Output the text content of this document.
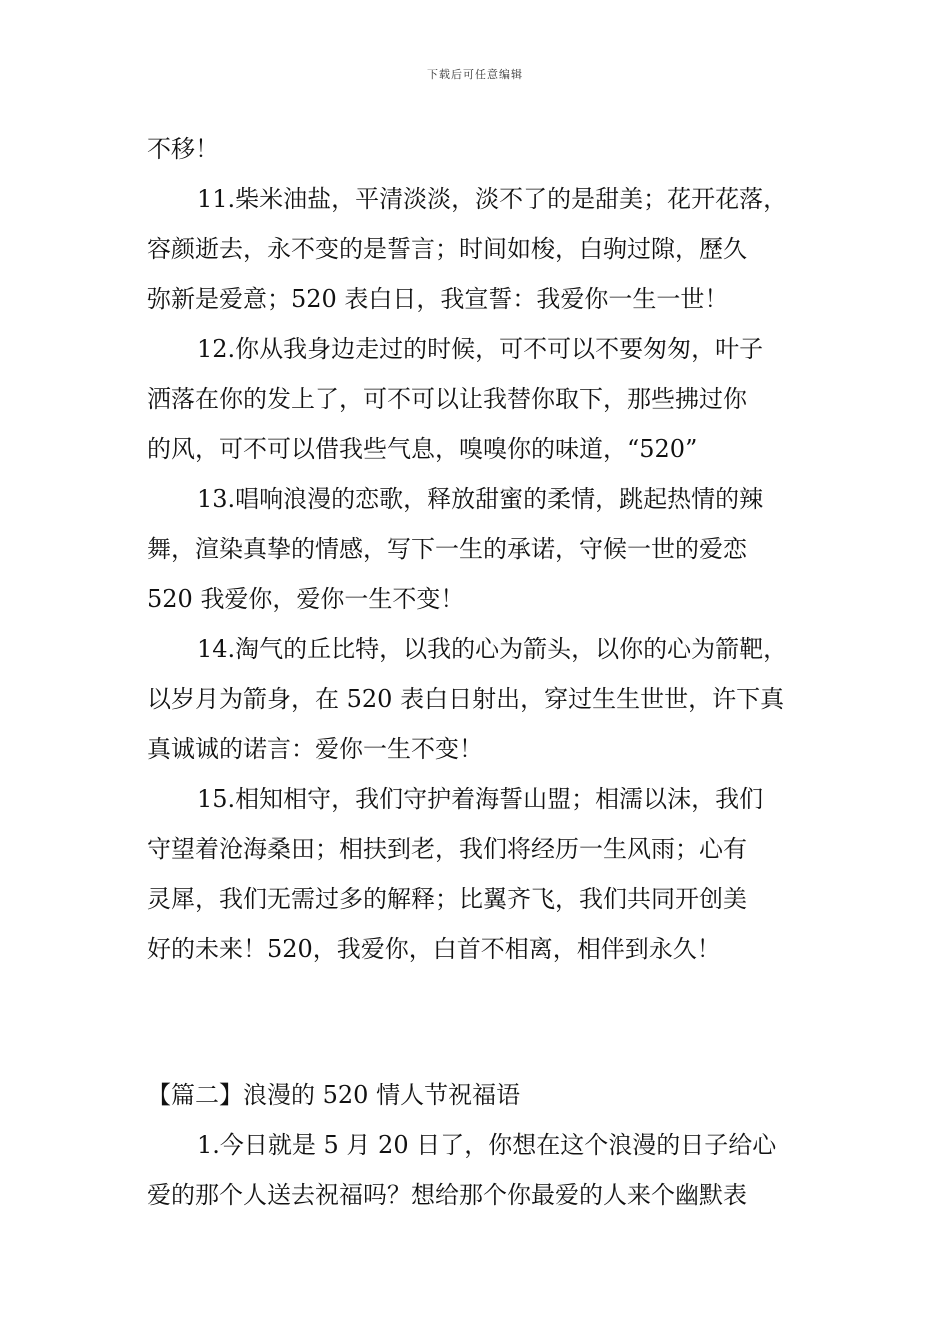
下载后可任意编辑
不移！
11.柴米油盐，平清淡淡，淡不了的是甜美；花开花落，
容颜逝去，永不变的是誓言；时间如梭，白驹过隙，歷久
弥新是爱意；520 表白日，我宣誓：我爱你一生一世！
12.你从我身边走过的时候，可不可以不要匆匆，叶子
洒落在你的发上了，可不可以让我替你取下，那些拂过你
的风，可不可以借我些气息，嗅嗅你的味道，“520”
13.唱响浪漫的恋歌，释放甜蜜的柔情，跳起热情的辣
舞，渲染真挚的情感，写下一生的承诺，守候一世的爱恋
520 我爱你，爱你一生不变！
14.淘气的丘比特，以我的心为箭头，以你的心为箭靶，
以岁月为箭身，在 520 表白日射出，穿过生生世世，许下真
真诚诚的诺言：爱你一生不变！
15.相知相守，我们守护着海誓山盟；相濡以沫，我们
守望着沧海桑田；相扶到老，我们将经历一生风雨；心有
灵犀，我们无需过多的解释；比翼齐飞，我们共同开创美
好的未来！520，我爱你，白首不相离，相伴到永久！
【篇二】浪漫的 520 情人节祝福语
1.今日就是 5 月 20 日了，你想在这个浪漫的日子给心
爱的那个人送去祝福吗？想给那个你最爱的人来个幽默表
